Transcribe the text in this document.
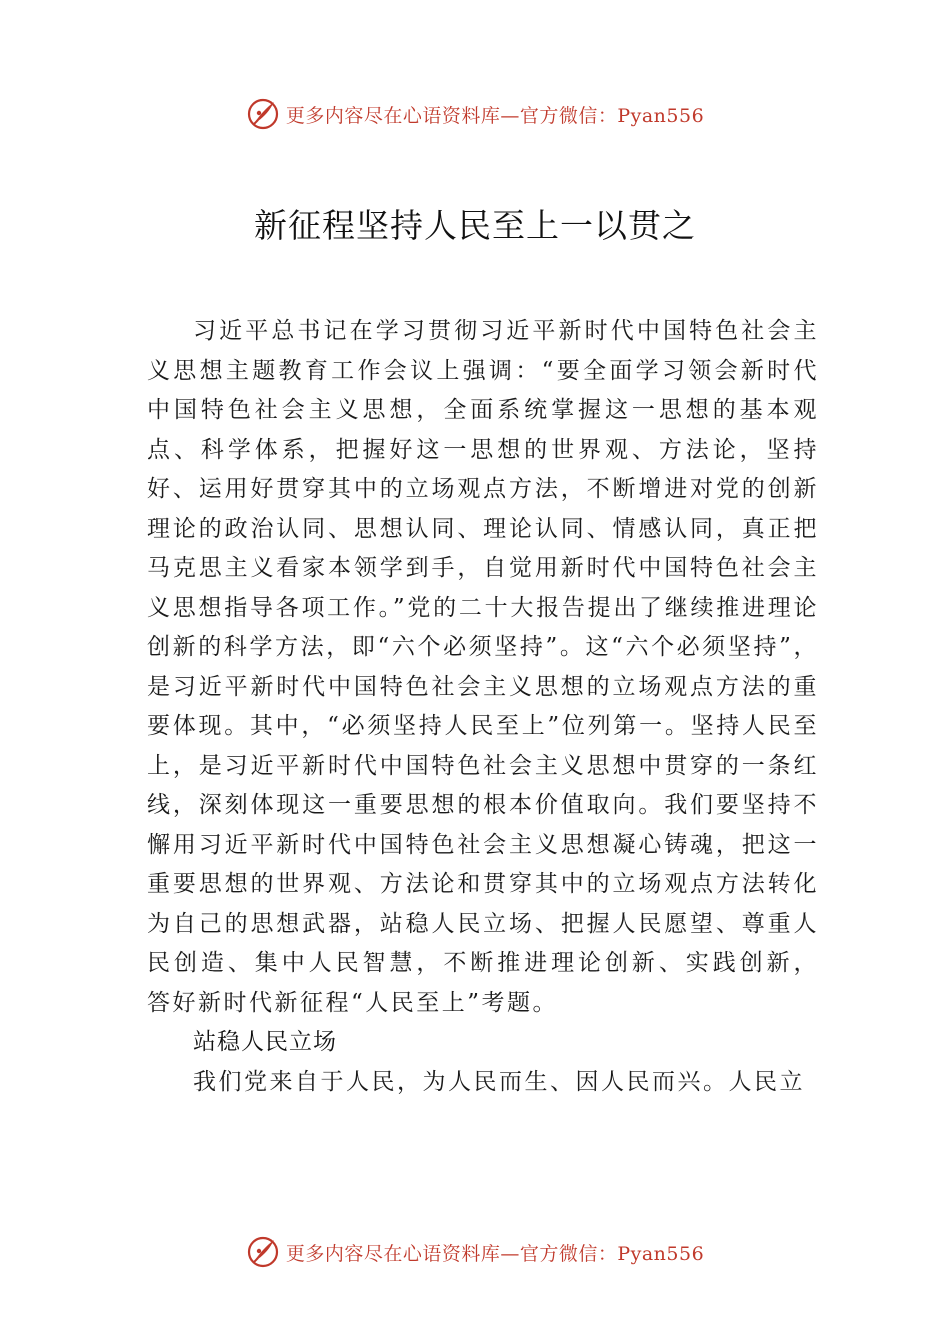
更多内容尽在心语资料库—官方微信：Pyan556
新征程坚持人民至上一以贯之

习近平总书记在学习贯彻习近平新时代中国特色社会主义思想主题教育工作会议上强调：“要全面学习领会新时代中国特色社会主义思想，全面系统掌握这一思想的基本观点、科学体系，把握好这一思想的世界观、方法论，坚持好、运用好贯穿其中的立场观点方法，不断增进对党的创新理论的政治认同、思想认同、理论认同、情感认同，真正把马克思主义看家本领学到手，自觉用新时代中国特色社会主义思想指导各项工作。”党的二十大报告提出了继续推进理论创新的科学方法，即“六个必须坚持”。这“六个必须坚持”，是习近平新时代中国特色社会主义思想的立场观点方法的重要体现。其中，“必须坚持人民至上”位列第一。坚持人民至上，是习近平新时代中国特色社会主义思想中贯穿的一条红线，深刻体现这一重要思想的根本价值取向。我们要坚持不懈用习近平新时代中国特色社会主义思想凝心铸魂，把这一重要思想的世界观、方法论和贯穿其中的立场观点方法转化为自己的思想武器，站稳人民立场、把握人民愿望、尊重人民创造、集中人民智慧，不断推进理论创新、实践创新， 答好新时代新征程“人民至上”考题。

站稳人民立场

我们党来自于人民，为人民而生、因人民而兴。人民立

更多内容尽在心语资料库—官方微信：Pyan556
